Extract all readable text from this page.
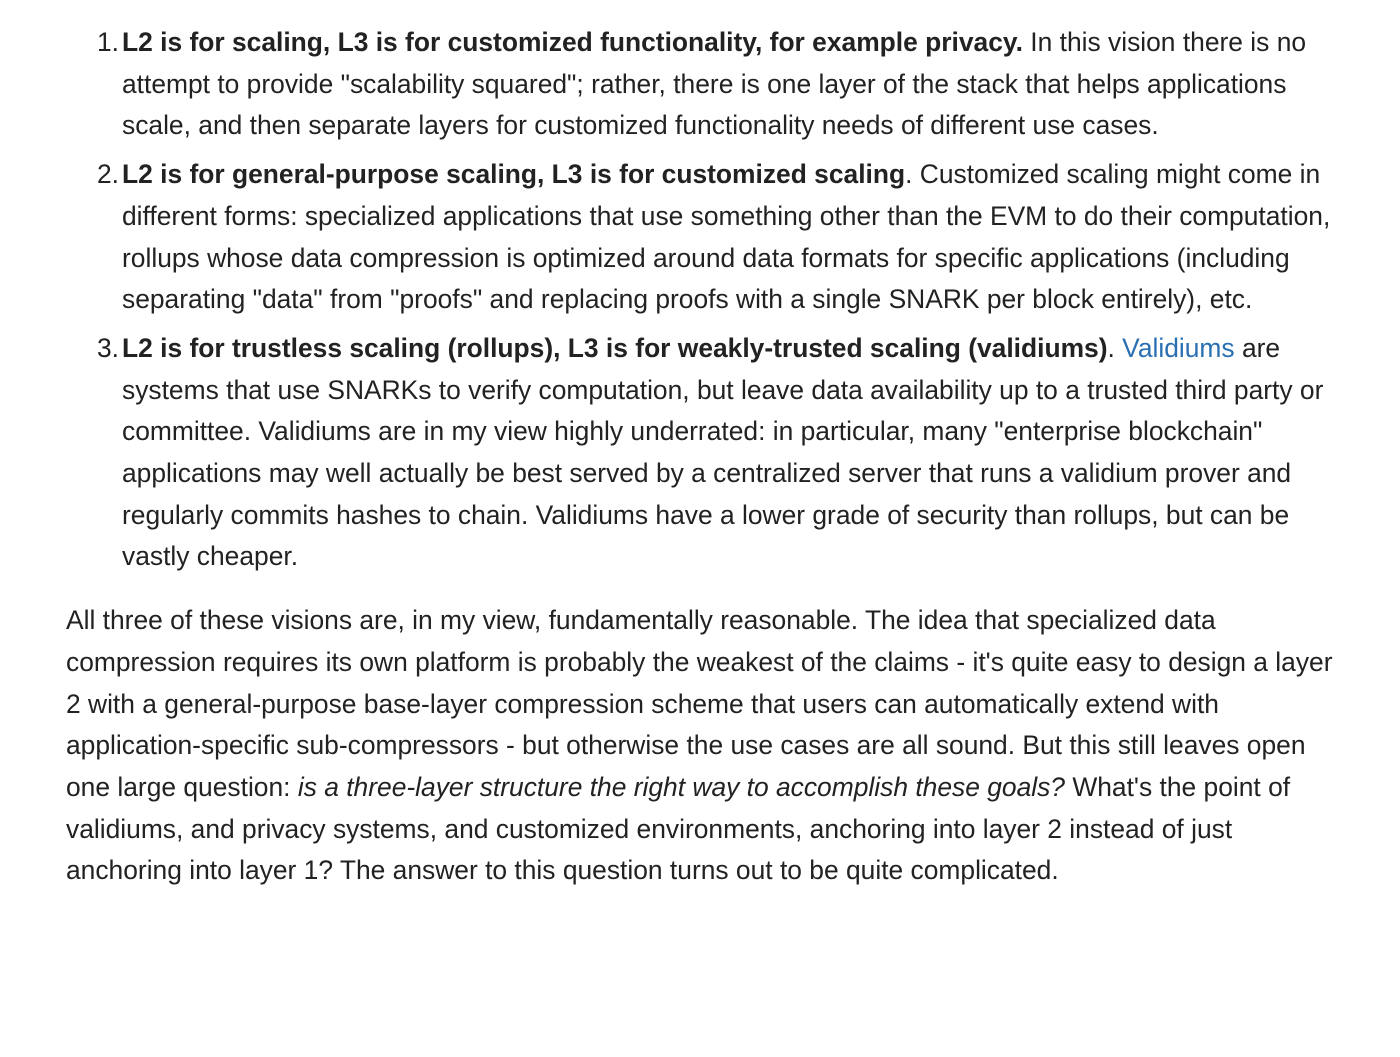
1. L2 is for scaling, L3 is for customized functionality, for example privacy. In this vision there is no attempt to provide "scalability squared"; rather, there is one layer of the stack that helps applications scale, and then separate layers for customized functionality needs of different use cases.
2. L2 is for general-purpose scaling, L3 is for customized scaling. Customized scaling might come in different forms: specialized applications that use something other than the EVM to do their computation, rollups whose data compression is optimized around data formats for specific applications (including separating "data" from "proofs" and replacing proofs with a single SNARK per block entirely), etc.
3. L2 is for trustless scaling (rollups), L3 is for weakly-trusted scaling (validiums). Validiums are systems that use SNARKs to verify computation, but leave data availability up to a trusted third party or committee. Validiums are in my view highly underrated: in particular, many "enterprise blockchain" applications may well actually be best served by a centralized server that runs a validium prover and regularly commits hashes to chain. Validiums have a lower grade of security than rollups, but can be vastly cheaper.

All three of these visions are, in my view, fundamentally reasonable. The idea that specialized data compression requires its own platform is probably the weakest of the claims - it's quite easy to design a layer 2 with a general-purpose base-layer compression scheme that users can automatically extend with application-specific sub-compressors - but otherwise the use cases are all sound. But this still leaves open one large question: is a three-layer structure the right way to accomplish these goals? What's the point of validiums, and privacy systems, and customized environments, anchoring into layer 2 instead of just anchoring into layer 1? The answer to this question turns out to be quite complicated.
